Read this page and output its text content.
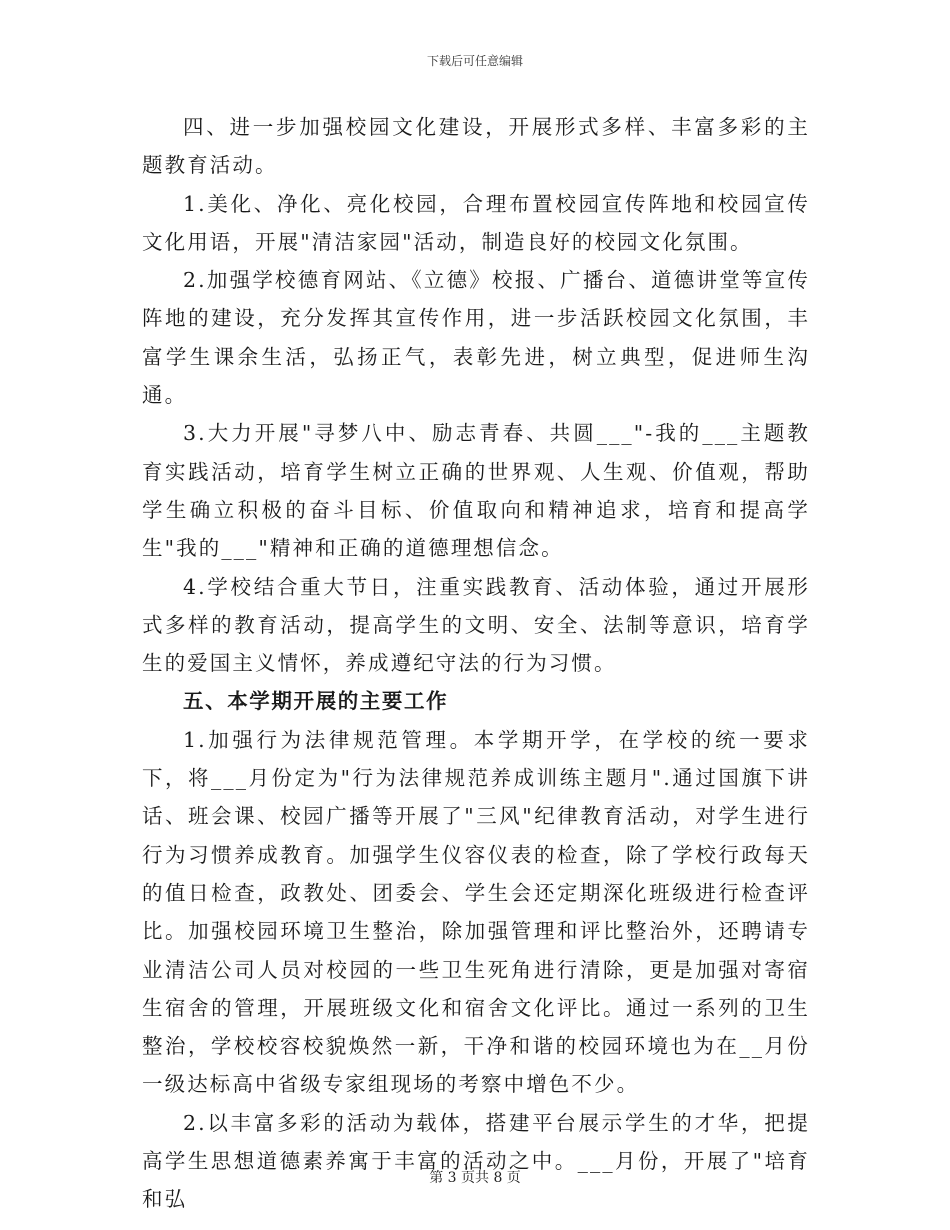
下载后可任意编辑

四、进一步加强校园文化建设，开展形式多样、丰富多彩的主题教育活动。

1.美化、净化、亮化校园，合理布置校园宣传阵地和校园宣传文化用语，开展"清洁家园"活动，制造良好的校园文化氛围。

2.加强学校德育网站、《立德》校报、广播台、道德讲堂等宣传阵地的建设，充分发挥其宣传作用，进一步活跃校园文化氛围，丰富学生课余生活，弘扬正气，表彰先进，树立典型，促进师生沟通。

3.大力开展"寻梦八中、励志青春、共圆___"-我的___主题教育实践活动，培育学生树立正确的世界观、人生观、价值观，帮助学生确立积极的奋斗目标、价值取向和精神追求，培育和提高学生"我的___"精神和正确的道德理想信念。

4.学校结合重大节日，注重实践教育、活动体验，通过开展形式多样的教育活动，提高学生的文明、安全、法制等意识，培育学生的爱国主义情怀，养成遵纪守法的行为习惯。

五、本学期开展的主要工作

1.加强行为法律规范管理。本学期开学，在学校的统一要求下，将___月份定为"行为法律规范养成训练主题月".通过国旗下讲话、班会课、校园广播等开展了"三风"纪律教育活动，对学生进行行为习惯养成教育。加强学生仪容仪表的检查，除了学校行政每天的值日检查，政教处、团委会、学生会还定期深化班级进行检查评比。加强校园环境卫生整治，除加强管理和评比整治外，还聘请专业清洁公司人员对校园的一些卫生死角进行清除，更是加强对寄宿生宿舍的管理，开展班级文化和宿舍文化评比。通过一系列的卫生整治，学校校容校貌焕然一新，干净和谐的校园环境也为在__月份一级达标高中省级专家组现场的考察中增色不少。

2.以丰富多彩的活动为载体，搭建平台展示学生的才华，把提高学生思想道德素养寓于丰富的活动之中。___月份，开展了"培育和弘

第 3 页共 8 页
